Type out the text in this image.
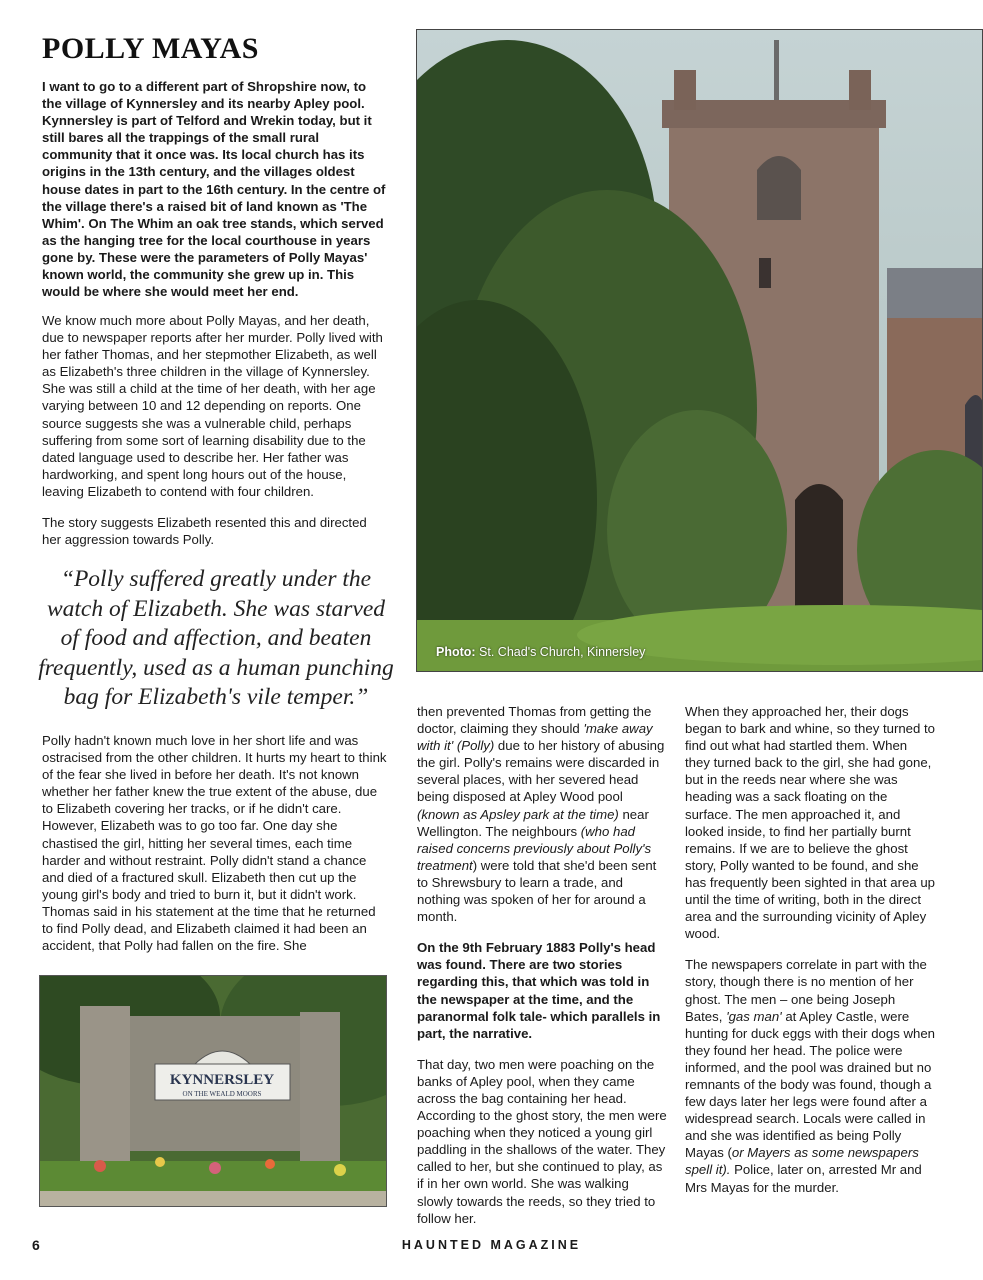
POLLY MAYAS

I want to go to a different part of Shropshire now, to the village of Kynnersley and its nearby Apley pool. Kynnersley is part of Telford and Wrekin today, but it still bares all the trappings of the small rural community that it once was. Its local church has its origins in the 13th century, and the villages oldest house dates in part to the 16th century. In the centre of the village there's a raised bit of land known as 'The Whim'. On The Whim an oak tree stands, which served as the hanging tree for the local courthouse in years gone by. These were the parameters of Polly Mayas' known world, the community she grew up in. This would be where she would meet her end.

We know much more about Polly Mayas, and her death, due to newspaper reports after her murder. Polly lived with her father Thomas, and her stepmother Elizabeth, as well as Elizabeth's three children in the village of Kynnersley. She was still a child at the time of her death, with her age varying between 10 and 12 depending on reports. One source suggests she was a vulnerable child, perhaps suffering from some sort of learning disability due to the dated language used to describe her. Her father was hardworking, and spent long hours out of the house, leaving Elizabeth to contend with four children.

The story suggests Elizabeth resented this and directed her aggression towards Polly.

“Polly suffered greatly under the watch of Elizabeth. She was starved of food and affection, and beaten frequently, used as a human punching bag for Elizabeth's vile temper.”

Polly hadn't known much love in her short life and was ostracised from the other children. It hurts my heart to think of the fear she lived in before her death. It's not known whether her father knew the true extent of the abuse, due to Elizabeth covering her tracks, or if he didn't care. However, Elizabeth was to go too far. One day she chastised the girl, hitting her several times, each time harder and without restraint. Polly didn't stand a chance and died of a fractured skull. Elizabeth then cut up the young girl's body and tried to burn it, but it didn't work. Thomas said in his statement at the time that he returned to find Polly dead, and Elizabeth claimed it had been an accident, that Polly had fallen on the fire. She

Photo: St. Chad's Church, Kinnersley

then prevented Thomas from getting the doctor, claiming they should 'make away with it' (Polly) due to her history of abusing the girl. Polly's remains were discarded in several places, with her severed head being disposed at Apley Wood pool (known as Apsley park at the time) near Wellington. The neighbours (who had raised concerns previously about Polly's treatment) were told that she'd been sent to Shrewsbury to learn a trade, and nothing was spoken of her for around a month.

On the 9th February 1883 Polly's head was found. There are two stories regarding this, that which was told in the newspaper at the time, and the paranormal folk tale- which parallels in part, the narrative.

That day, two men were poaching on the banks of Apley pool, when they came across the bag containing her head. According to the ghost story, the men were poaching when they noticed a young girl paddling in the shallows of the water. They called to her, but she continued to play, as if in her own world. She was walking slowly towards the reeds, so they tried to follow her.

When they approached her, their dogs began to bark and whine, so they turned to find out what had startled them. When they turned back to the girl, she had gone, but in the reeds near where she was heading was a sack floating on the surface. The men approached it, and looked inside, to find her partially burnt remains. If we are to believe the ghost story, Polly wanted to be found, and she has frequently been sighted in that area up until the time of writing, both in the direct area and the surrounding vicinity of Apley wood.

The newspapers correlate in part with the story, though there is no mention of her ghost. The men – one being Joseph Bates, 'gas man' at Apley Castle, were hunting for duck eggs with their dogs when they found her head. The police were informed, and the pool was drained but no remnants of the body was found, though a few days later her legs were found after a widespread search. Locals were called in and she was identified as being Polly Mayas (or Mayers as some newspapers spell it). Police, later on, arrested Mr and Mrs Mayas for the murder.

KYNNERSLEY
ON THE WEALD MOORS
6	HAUNTED MAGAZINE
